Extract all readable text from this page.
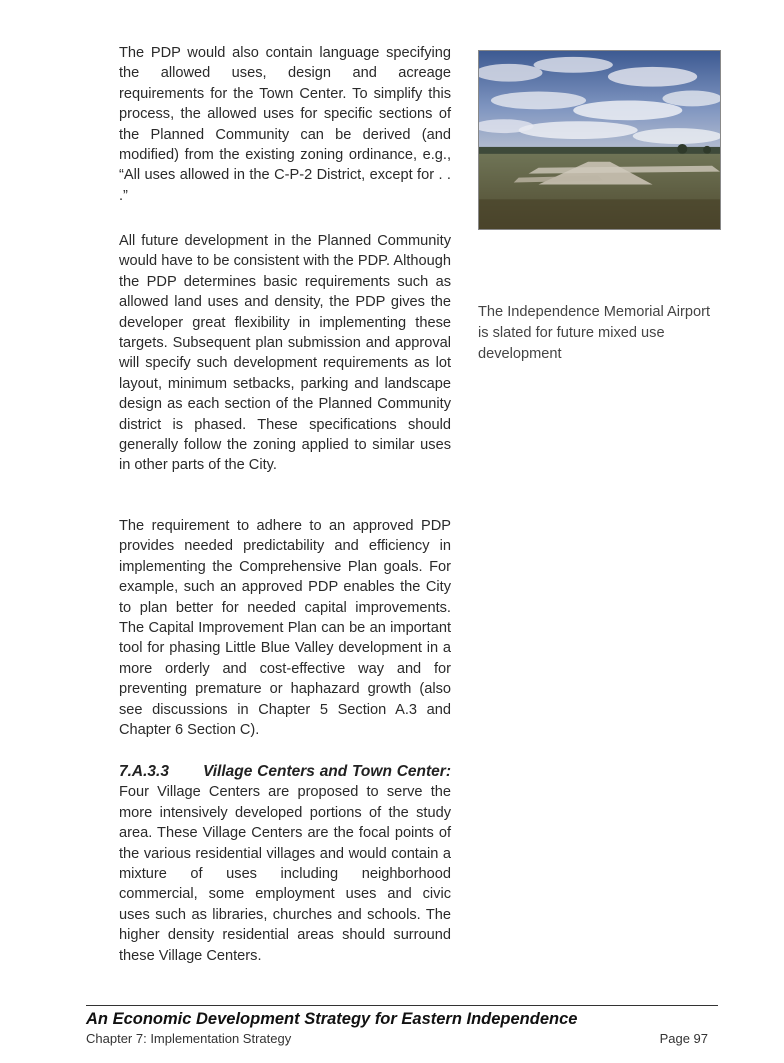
The PDP would also contain language specifying the allowed uses, design and acreage requirements for the Town Center. To simplify this process, the allowed uses for specific sections of the Planned Community can be derived (and modified) from the existing zoning ordinance, e.g., “All uses allowed in the C-P-2 District, except for . . .”

All future development in the Planned Community would have to be consistent with the PDP. Although the PDP determines basic requirements such as allowed land uses and density, the PDP gives the developer great flexibility in implementing these targets. Subsequent plan submission and approval will specify such development requirements as lot layout, minimum setbacks, parking and landscape design as each section of the Planned Community district is phased. These specifications should generally follow the zoning applied to similar uses in other parts of the City.

The requirement to adhere to an approved PDP provides needed predictability and efficiency in implementing the Comprehensive Plan goals. For example, such an approved PDP enables the City to plan better for needed capital improvements. The Capital Improvement Plan can be an important tool for phasing Little Blue Valley development in a more orderly and cost-effective way and for preventing premature or haphazard growth (also see discussions in Chapter 5 Section A.3 and Chapter 6 Section C).

7.A.3.3 Village Centers and Town Center: Four Village Centers are proposed to serve the more intensively developed portions of the study area. These Village Centers are the focal points of the various residential villages and would contain a mixture of uses including neighborhood commercial, some employment uses and civic uses such as libraries, churches and schools. The higher density residential areas should surround these Village Centers.

The Independence Memorial Airport is slated for future mixed use development

An Economic Development Strategy for Eastern Independence
Chapter 7: Implementation Strategy	Page 97
